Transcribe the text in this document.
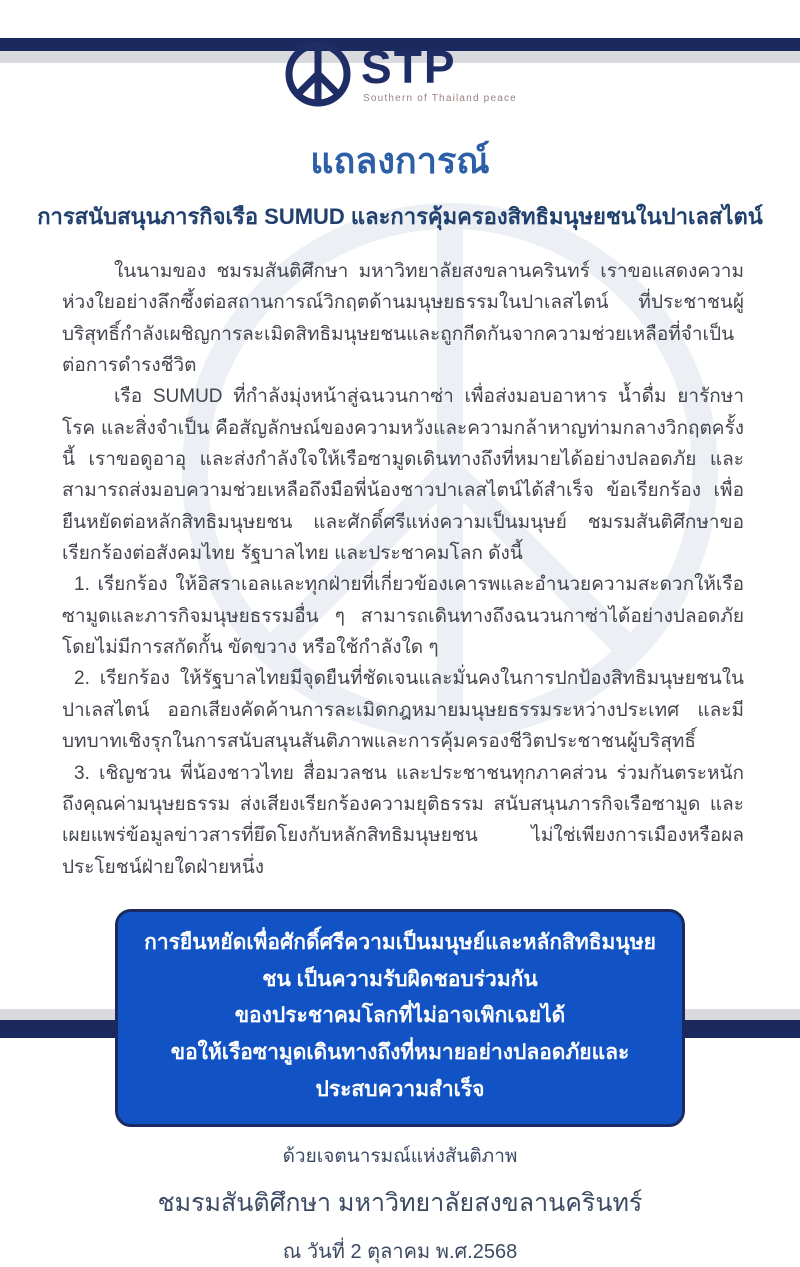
STP
Southern of Thailand peace
แถลงการณ์
การสนับสนุนภารกิจเรือ SUMUD และการคุ้มครองสิทธิมนุษยชนในปาเลสไตน์

ในนามของ ชมรมสันติศึกษา มหาวิทยาลัยสงขลานครินทร์ เราขอแสดงความห่วงใยอย่างลึกซึ้งต่อสถานการณ์วิกฤตด้านมนุษยธรรมในปาเลสไตน์ ที่ประชาชนผู้บริสุทธิ์กำลังเผชิญการละเมิดสิทธิมนุษยชนและถูกกีดกันจากความช่วยเหลือที่จำเป็นต่อการดำรงชีวิต

เรือ SUMUD ที่กำลังมุ่งหน้าสู่ฉนวนกาซ่า เพื่อส่งมอบอาหาร น้ำดื่ม ยารักษาโรค และสิ่งจำเป็น คือสัญลักษณ์ของความหวังและความกล้าหาญท่ามกลางวิกฤตครั้งนี้ เราขอดูอาอุ และส่งกำลังใจให้เรือซามูดเดินทางถึงที่หมายได้อย่างปลอดภัย และสามารถส่งมอบความช่วยเหลือถึงมือพี่น้องชาวปาเลสไตน์ได้สำเร็จ ข้อเรียกร้อง เพื่อยืนหยัดต่อหลักสิทธิมนุษยชน และศักดิ์ศรีแห่งความเป็นมนุษย์ ชมรมสันติศึกษาขอเรียกร้องต่อสังคมไทย รัฐบาลไทย และประชาคมโลก ดังนี้

1. เรียกร้อง ให้อิสราเอลและทุกฝ่ายที่เกี่ยวข้องเคารพและอำนวยความสะดวกให้เรือซามูดและภารกิจมนุษยธรรมอื่น ๆ สามารถเดินทางถึงฉนวนกาซ่าได้อย่างปลอดภัย โดยไม่มีการสกัดกั้น ขัดขวาง หรือใช้กำลังใด ๆ

2. เรียกร้อง ให้รัฐบาลไทยมีจุดยืนที่ชัดเจนและมั่นคงในการปกป้องสิทธิมนุษยชนในปาเลสไตน์ ออกเสียงคัดค้านการละเมิดกฎหมายมนุษยธรรมระหว่างประเทศ และมีบทบาทเชิงรุกในการสนับสนุนสันติภาพและการคุ้มครองชีวิตประชาชนผู้บริสุทธิ์

3. เชิญชวน พี่น้องชาวไทย สื่อมวลชน และประชาชนทุกภาคส่วน ร่วมกันตระหนักถึงคุณค่ามนุษยธรรม ส่งเสียงเรียกร้องความยุติธรรม สนับสนุนภารกิจเรือซามูด และเผยแพร่ข้อมูลข่าวสารที่ยึดโยงกับหลักสิทธิมนุษยชน ไม่ใช่เพียงการเมืองหรือผลประโยชน์ฝ่ายใดฝ่ายหนึ่ง

การยืนหยัดเพื่อศักดิ์ศรีความเป็นมนุษย์และหลักสิทธิมนุษยชน เป็นความรับผิดชอบร่วมกัน
ของประชาคมโลกที่ไม่อาจเพิกเฉยได้
ขอให้เรือซามูดเดินทางถึงที่หมายอย่างปลอดภัยและประสบความสำเร็จ
ด้วยเจตนารมณ์แห่งสันติภาพ
ชมรมสันติศึกษา มหาวิทยาลัยสงขลานครินทร์
ณ วันที่ 2 ตุลาคม พ.ศ.2568
